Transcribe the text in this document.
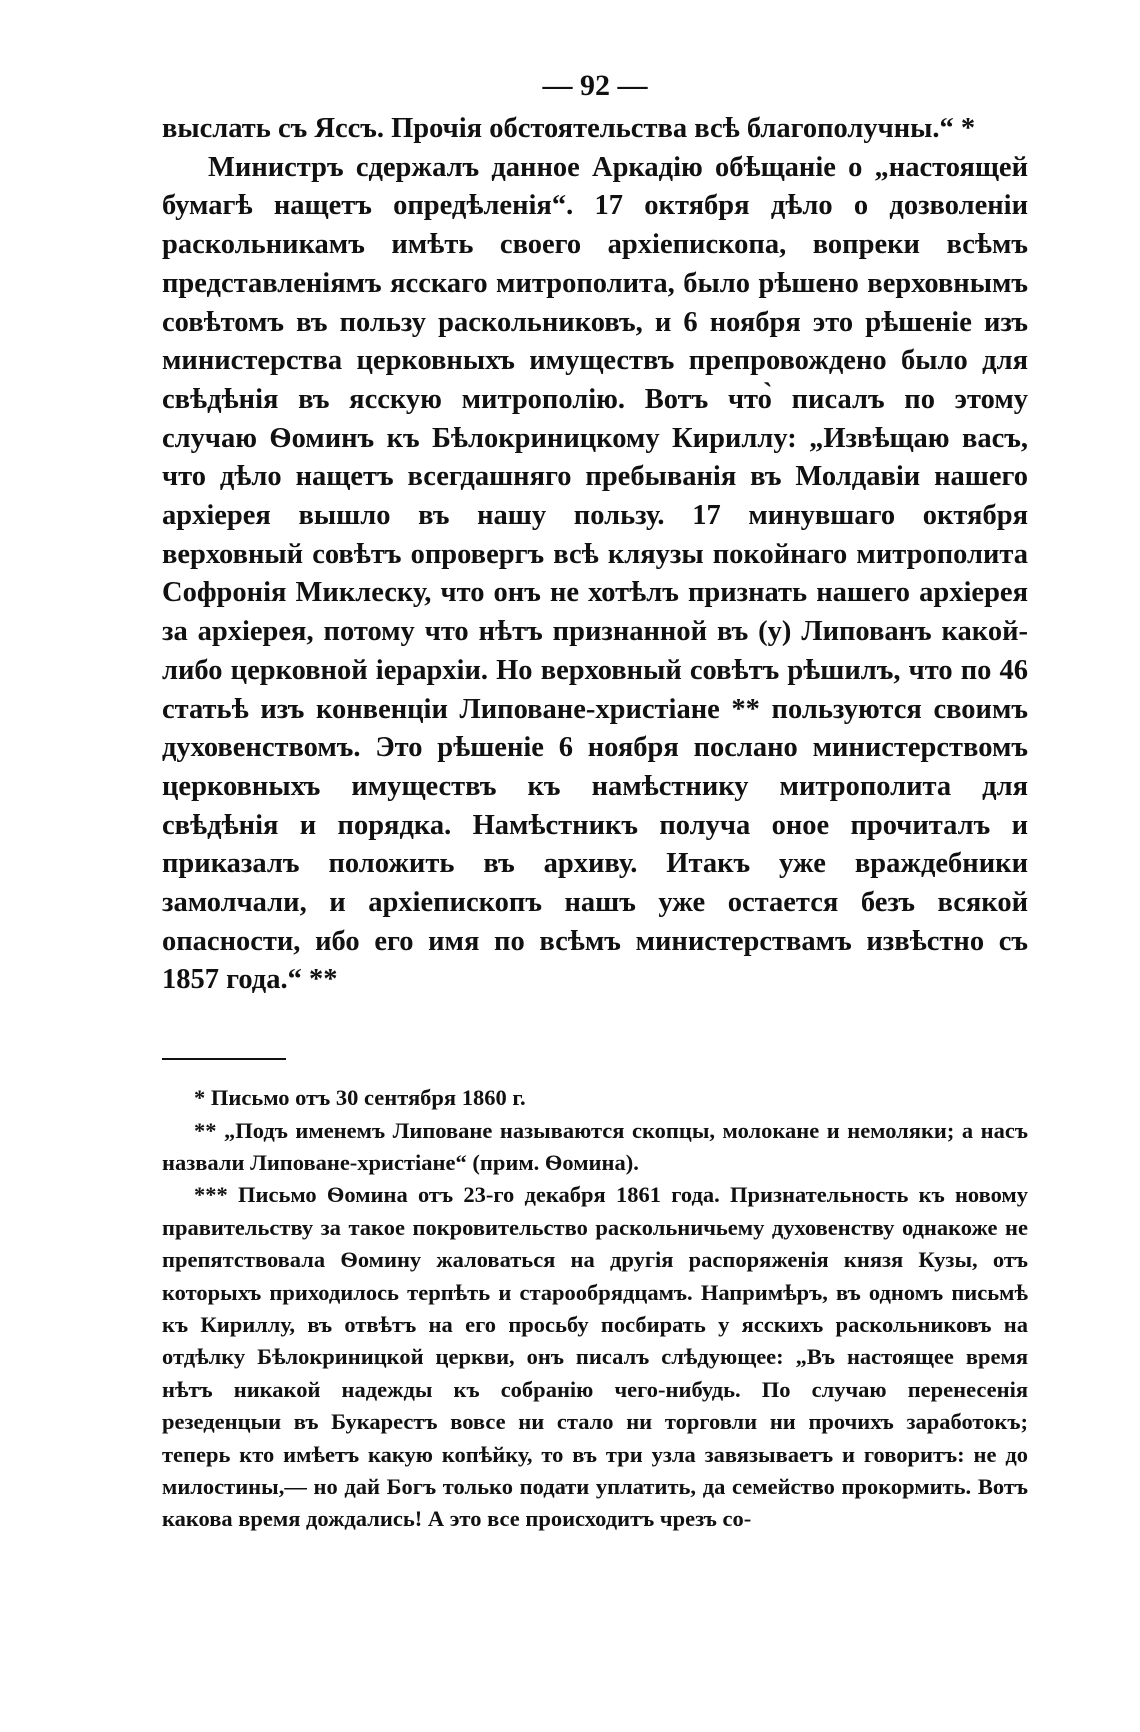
— 92 —

выслать съ Яссъ. Прочія обстоятельства всѣ благополучны.“ *

Министръ сдержалъ данное Аркадію обѣщаніе о „настоящей бумагѣ нащетъ опредѣленія“. 17 октября дѣло о дозволеніи раскольникамъ имѣть своего архіепископа, вопреки всѣмъ представленіямъ ясскаго митрополита, было рѣшено верховнымъ совѣтомъ въ пользу раскольниковъ, и 6 ноября это рѣшеніе изъ министерства церковныхъ имуществъ препровождено было для свѣдѣнія въ ясскую митрополію. Вотъ что̀ писалъ по этому случаю Ѳоминъ къ Бѣлокриницкому Кириллу: „Извѣщаю васъ, что дѣло нащетъ всегдашняго пребыванія въ Молдавіи нашего архіерея вышло въ нашу пользу. 17 минувшаго октября верховный совѣтъ опровергъ всѣ кляузы покойнаго митрополита Софронія Миклеску, что онъ не хотѣлъ признать нашего архіерея за архіерея, потому что нѣтъ признанной въ (у) Липованъ какой-либо церковной іерархіи. Но верховный совѣтъ рѣшилъ, что по 46 статьѣ изъ конвенціи Липоване-христіане ** пользуются своимъ духовенствомъ. Это рѣшеніе 6 ноября послано министерствомъ церковныхъ имуществъ къ намѣстнику митрополита для свѣдѣнія и порядка. Намѣстникъ получа оное прочиталъ и приказалъ положить въ архиву. Итакъ уже враждебники замолчали, и архіепископъ нашъ уже остается безъ всякой опасности, ибо его имя по всѣмъ министерствамъ извѣстно съ 1857 года.“ **

* Письмо отъ 30 сентября 1860 г.

** „Подъ именемъ Липоване называются скопцы, молокане и немоляки; а насъ назвали Липоване-христіане“ (прим. Ѳомина).

*** Письмо Ѳомина отъ 23-го декабря 1861 года. Признательность къ новому правительству за такое покровительство раскольничьему духовенству однакоже не препятствовала Ѳомину жаловаться на другія распоряженія князя Кузы, отъ которыхъ приходилось терпѣть и старообрядцамъ. Напримѣръ, въ одномъ письмѣ къ Кириллу, въ отвѣтъ на его просьбу посбирать у ясскихъ раскольниковъ на отдѣлку Бѣлокриницкой церкви, онъ писалъ слѣдующее: „Въ настоящее время нѣтъ никакой надежды къ собранію чего-нибудь. По случаю перенесенія резеденцыи въ Букарестъ вовсе ни стало ни торговли ни прочихъ заработокъ; теперь кто имѣетъ какую копѣйку, то въ три узла завязываетъ и говоритъ: не до милостины,— но дай Богъ только подати уплатить, да семейство прокормить. Вотъ какова время дождались! А это все происходитъ чрезъ со-
